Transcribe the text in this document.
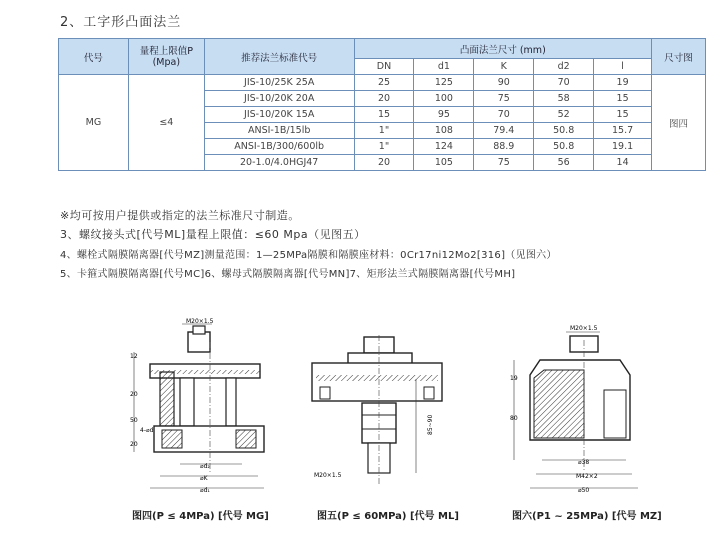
2、工字形凸面法兰
代号	量程上限值P
(Mpa)	推荐法兰标准代号	凸面法兰尺寸 (mm)					尺寸图
			DN	d1	K	d2	l	
MG	≤4	JIS-10/25K 25A	25	125	90	70	19	图四
		JIS-10/20K 20A	20	100	75	58	15	
		JIS-10/20K 15A	15	95	70	52	15	
		ANSI-1B/15lb	1"	108	79.4	50.8	15.7	
		ANSI-1B/300/600lb	1"	124	88.9	50.8	19.1	
		20-1.0/4.0HGJ47	20	105	75	56	14	
※均可按用户提供或指定的法兰标准尺寸制造。
3、螺纹接头式[代号ML]量程上限值：≤60 Mpa（见图五）
4、螺栓式隔膜隔离器[代号MZ]测量范围：1—25MPa隔膜和隔膜座材料：0Cr17ni12Mo2[316]（见图六）
5、卡箍式隔膜隔离器[代号MC]6、螺母式隔膜隔离器[代号MN]7、矩形法兰式隔膜隔离器[代号MH]
M20×1.5
12
20
50
20
4-⌀d
⌀d₂
⌀K
⌀d₁
图四(P ≤ 4MPa) [代号 MG]
85~90
M20×1.5
图五(P ≤ 60MPa) [代号 ML]
M20×1.5
19
80
⌀38
M42×2
⌀50
图六(P1 ~ 25MPa) [代号 MZ]
